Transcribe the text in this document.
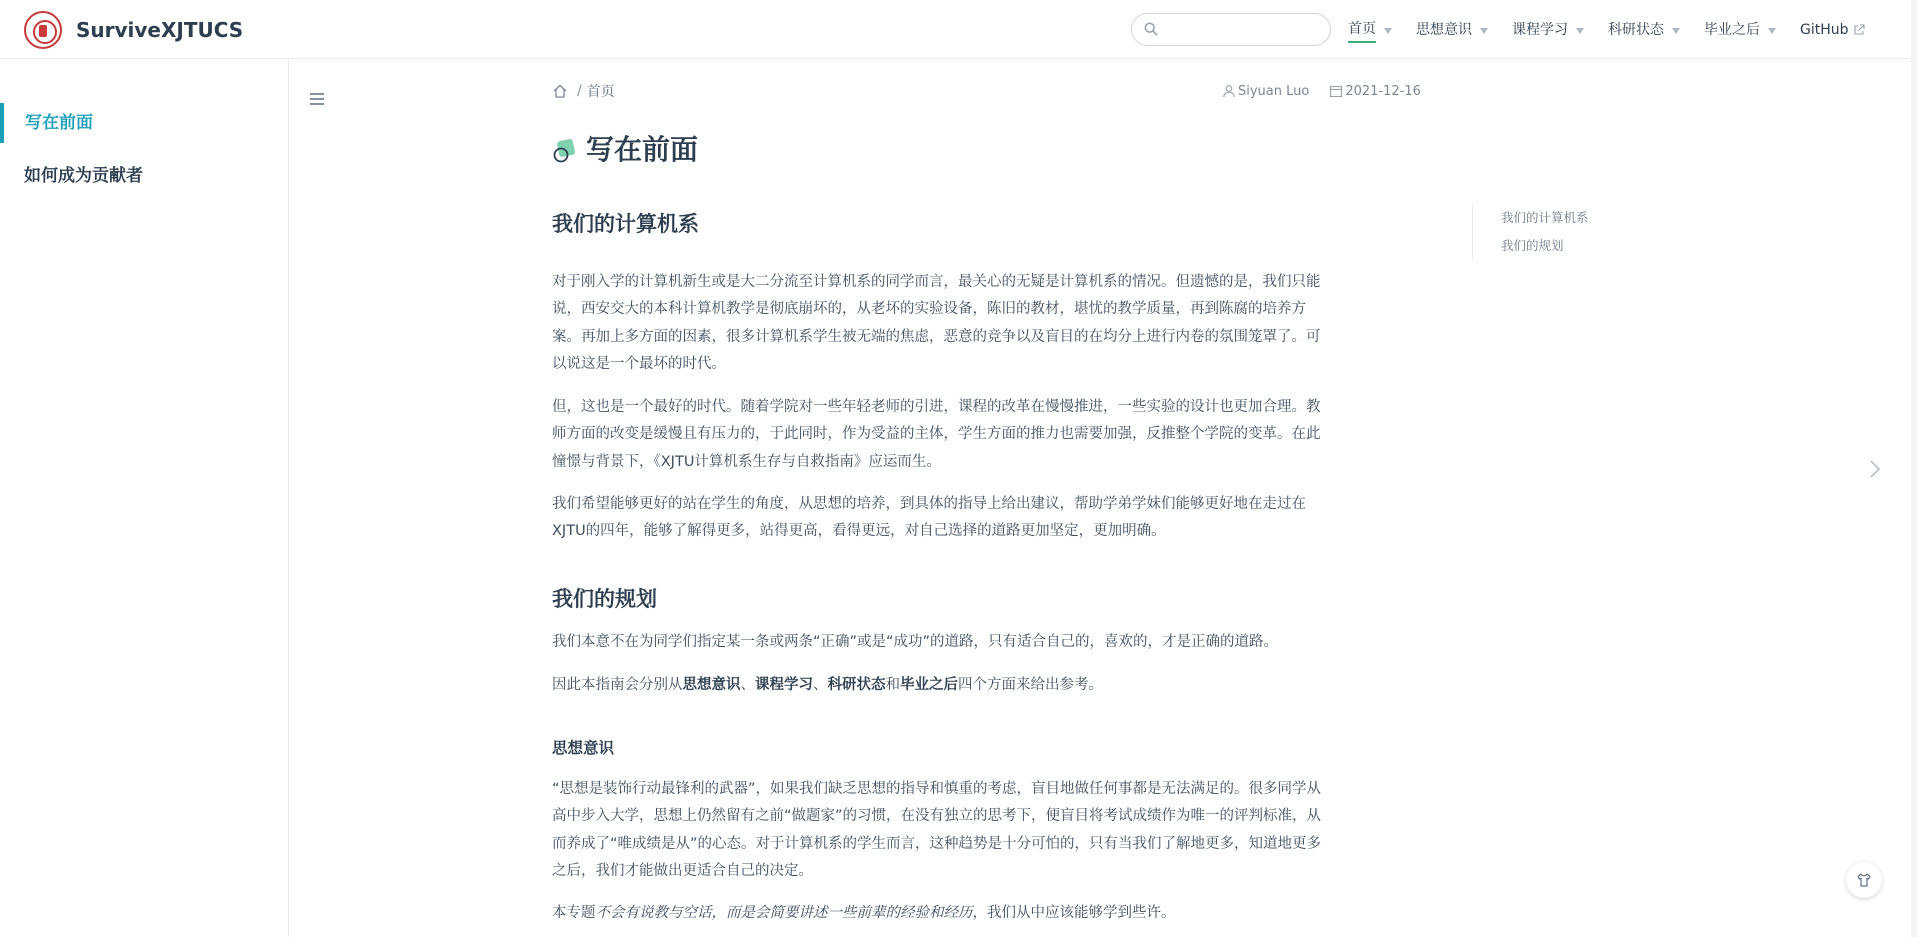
SurviveXJTUCS	首页	思想意识	课程学习	科研状态	毕业之后	GitHub
写在前面
如何成为贡献者
/ 首页	Siyuan Luo	2021-12-16
写在前面
我们的计算机系
对于刚入学的计算机新生或是大二分流至计算机系的同学而言，最关心的无疑是计算机系的情况。但遗憾的是，我们只能
说，西安交大的本科计算机教学是彻底崩坏的，从老坏的实验设备，陈旧的教材，堪忧的教学质量，再到陈腐的培养方
案。再加上多方面的因素，很多计算机系学生被无端的焦虑，恶意的竞争以及盲目的在均分上进行内卷的氛围笼罩了。可
以说这是一个最坏的时代。
但，这也是一个最好的时代。随着学院对一些年轻老师的引进，课程的改革在慢慢推进，一些实验的设计也更加合理。教
师方面的改变是缓慢且有压力的，于此同时，作为受益的主体，学生方面的推力也需要加强，反推整个学院的变革。在此
憧憬与背景下，《XJTU计算机系生存与自救指南》应运而生。
我们希望能够更好的站在学生的角度，从思想的培养，到具体的指导上给出建议，帮助学弟学妹们能够更好地在走过在
XJTU的四年，能够了解得更多，站得更高，看得更远，对自己选择的道路更加坚定，更加明确。
我们的规划
我们本意不在为同学们指定某一条或两条“正确”或是“成功”的道路，只有适合自己的，喜欢的，才是正确的道路。
因此本指南会分别从思想意识、课程学习、科研状态和毕业之后四个方面来给出参考。
思想意识
“思想是装饰行动最锋利的武器”，如果我们缺乏思想的指导和慎重的考虑，盲目地做任何事都是无法满足的。很多同学从
高中步入大学，思想上仍然留有之前“做题家”的习惯，在没有独立的思考下，便盲目将考试成绩作为唯一的评判标准，从
而养成了“唯成绩是从”的心态。对于计算机系的学生而言，这种趋势是十分可怕的，只有当我们了解地更多，知道地更多
之后，我们才能做出更适合自己的决定。
本专题不会有说教与空话，而是会简要讲述一些前辈的经验和经历，我们从中应该能够学到些许。
我们的计算机系
我们的规划
